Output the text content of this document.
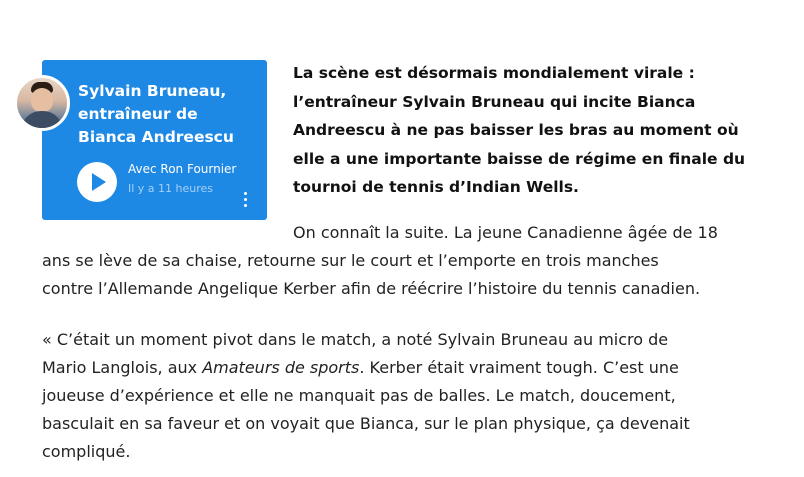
Sylvain Bruneau,
entraîneur de
Bianca Andreescu
Avec Ron Fournier
Il y a 11 heures
La scène est désormais mondialement virale :
l’entraîneur Sylvain Bruneau qui incite Bianca
Andreescu à ne pas baisser les bras au moment où
elle a une importante baisse de régime en finale du
tournoi de tennis d’Indian Wells.
On connaît la suite. La jeune Canadienne âgée de 18
ans se lève de sa chaise, retourne sur le court et l’emporte en trois manches
contre l’Allemande Angelique Kerber afin de réécrire l’histoire du tennis canadien.
« C’était un moment pivot dans le match, a noté Sylvain Bruneau au micro de
Mario Langlois, aux Amateurs de sports. Kerber était vraiment tough. C’est une
joueuse d’expérience et elle ne manquait pas de balles. Le match, doucement,
basculait en sa faveur et on voyait que Bianca, sur le plan physique, ça devenait
compliqué.
